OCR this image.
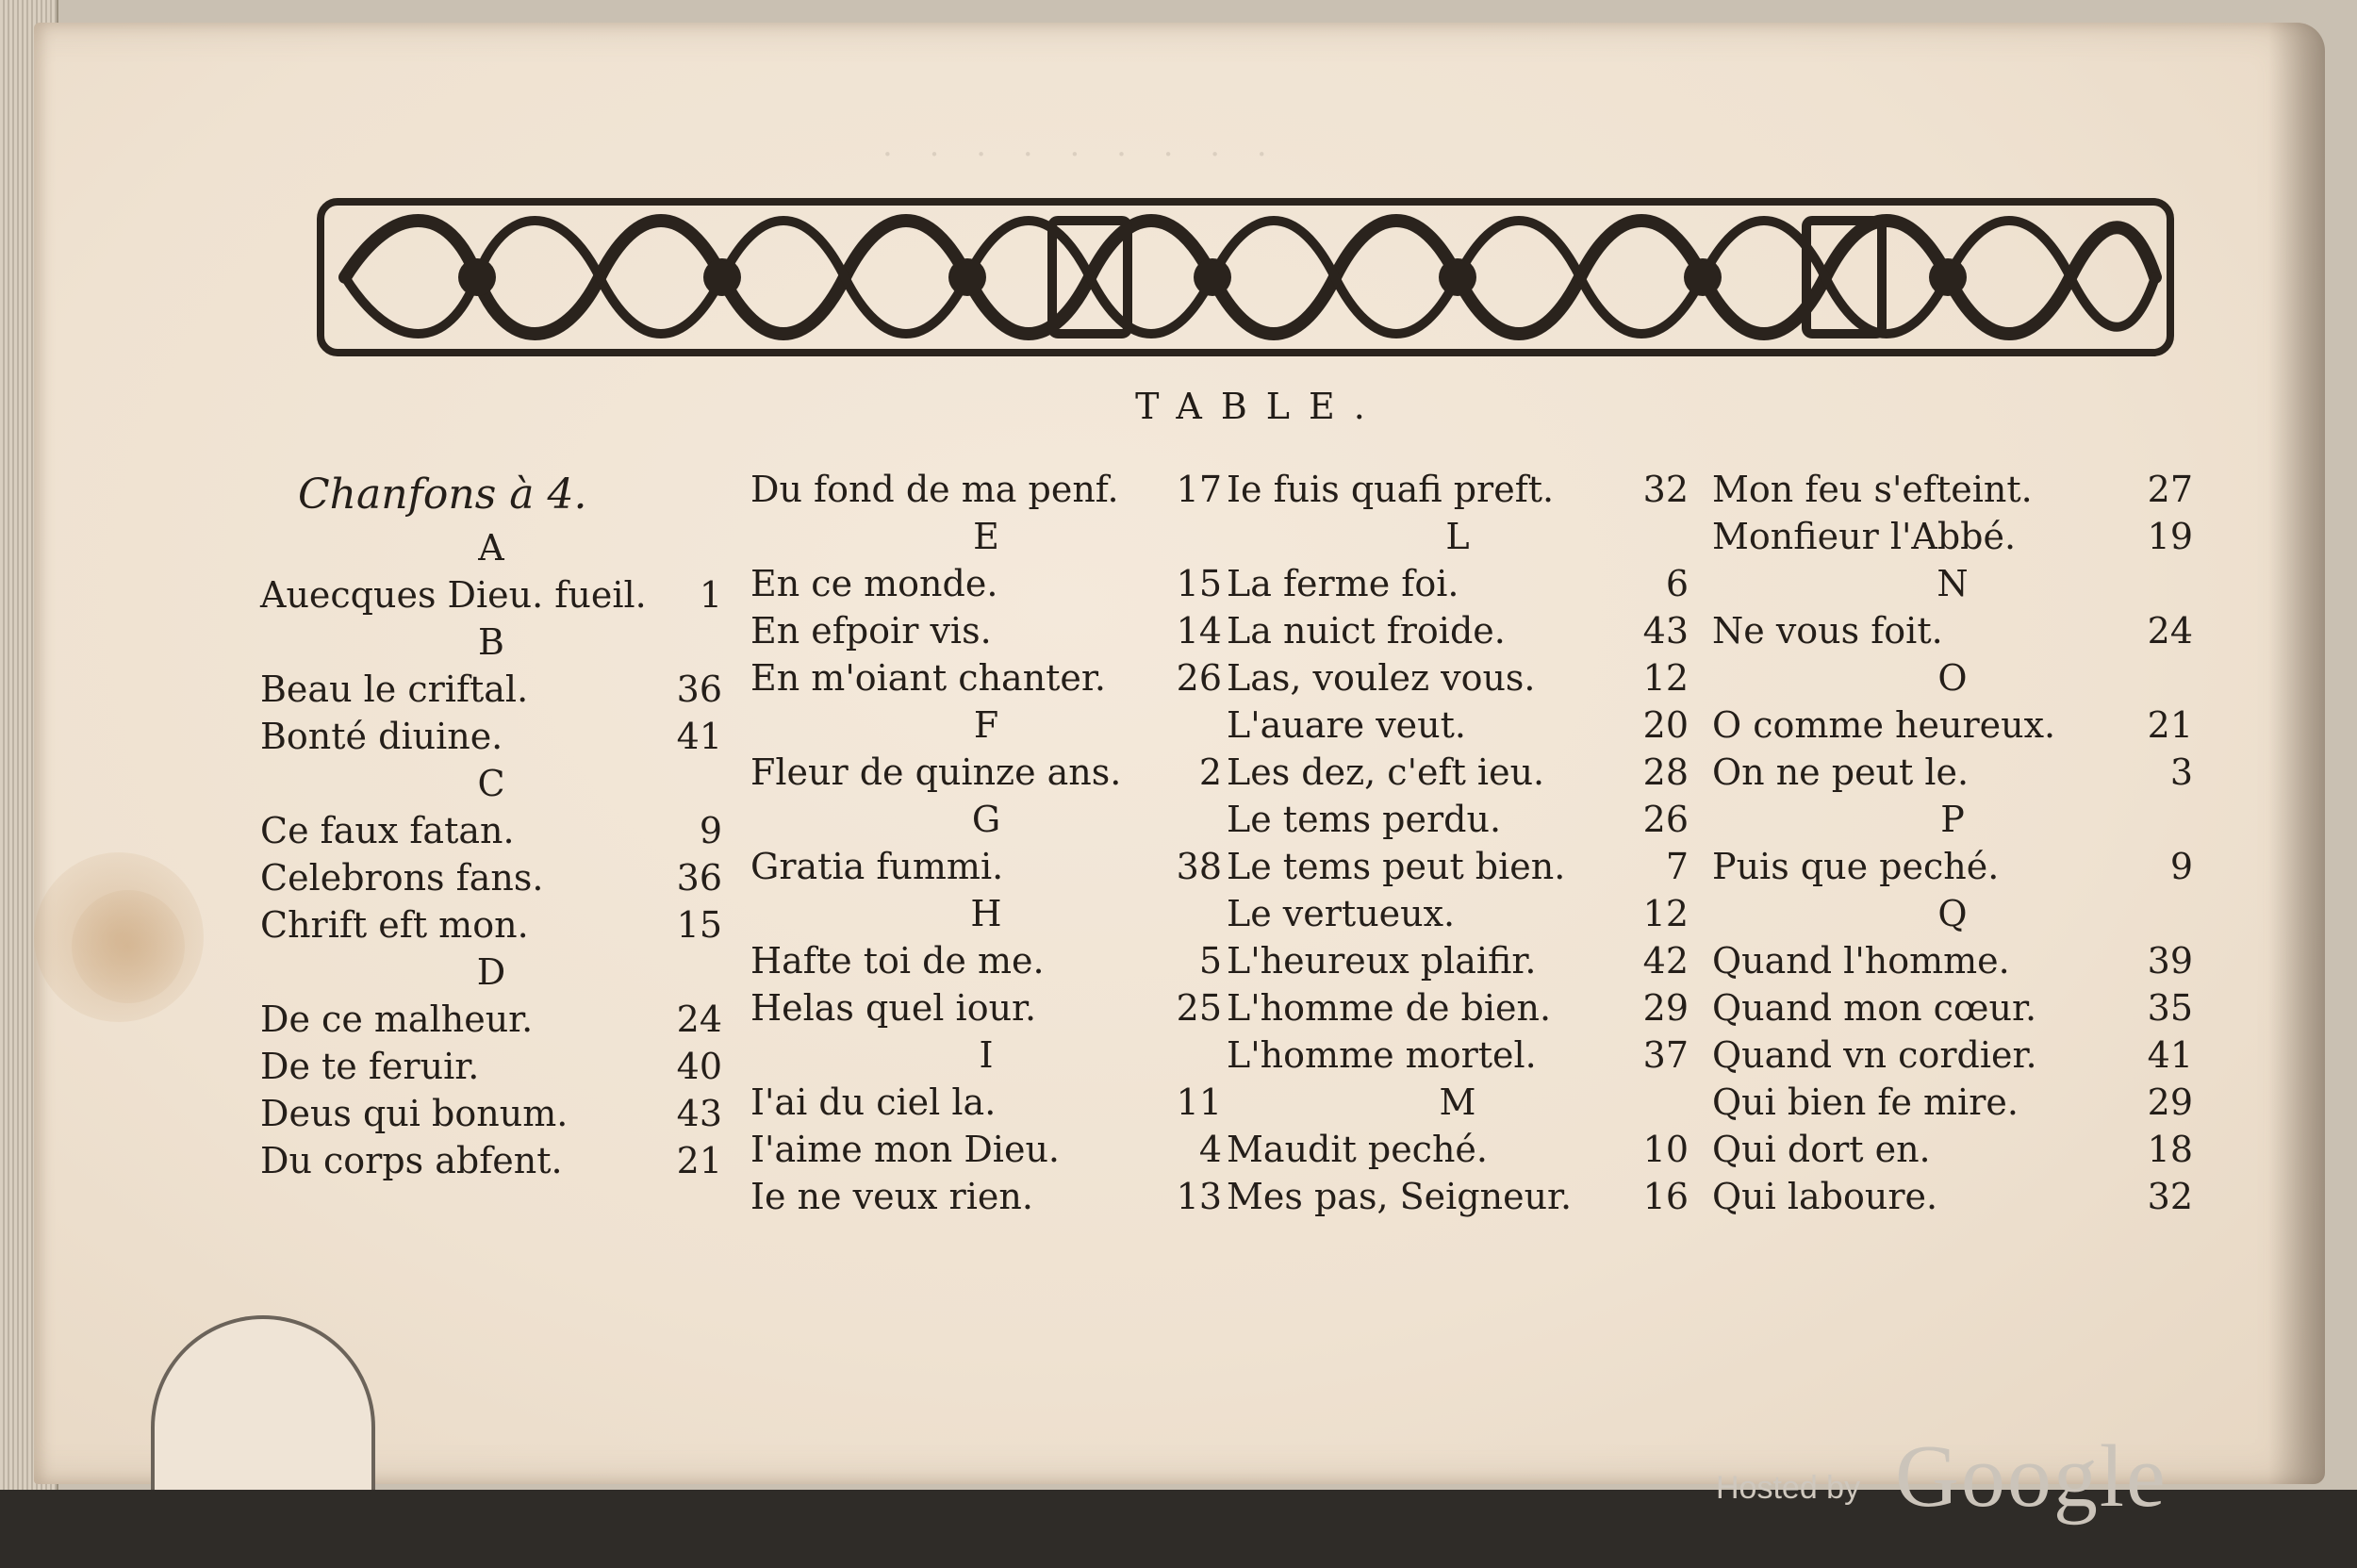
· · · · · · · · ·
TABLE.
Chanfons à 4.
A
Auecques Dieu. fueil.	1
B
Beau le criftal.	36
Bonté diuine.	41
C
Ce faux fatan.	9
Celebrons fans.	36
Chrift eft mon.	15
D
De ce malheur.	24
De te feruir.	40
Deus qui bonum.	43
Du corps abfent.	21
Du fond de ma penf. 17
E
En ce monde.	15
En efpoir vis.	14
En m'oiant chanter. 26
F
Fleur de quinze ans.	2
G
Gratia fummi.	38
H
Hafte toi de me.	5
Helas quel iour.	25
I
I'ai du ciel la.	11
I'aime mon Dieu.	4
Ie ne veux rien.	13
Ie fuis quafi preft. 32
L
La ferme foi.	6
La nuict froide.	43
Las, voulez vous.	12
L'auare veut.	20
Les dez, c'eft ieu.	28
Le tems perdu.	26
Le tems peut bien.	7
Le vertueux.	12
L'heureux plaifir.	42
L'homme de bien.	29
L'homme mortel.	37
M
Maudit peché.	10
Mes pas, Seigneur. 16
Mon feu s'efteint.	27
Monfieur l'Abbé.	19
N
Ne vous foit.	24
O
O comme heureux.	21
On ne peut le.	3
P
Puis que peché.	9
Q
Quand l'homme.	39
Quand mon cœur.	35
Quand vn cordier.	41
Qui bien fe mire.	29
Qui dort en.	18
Qui laboure.	32
Hosted by Google
